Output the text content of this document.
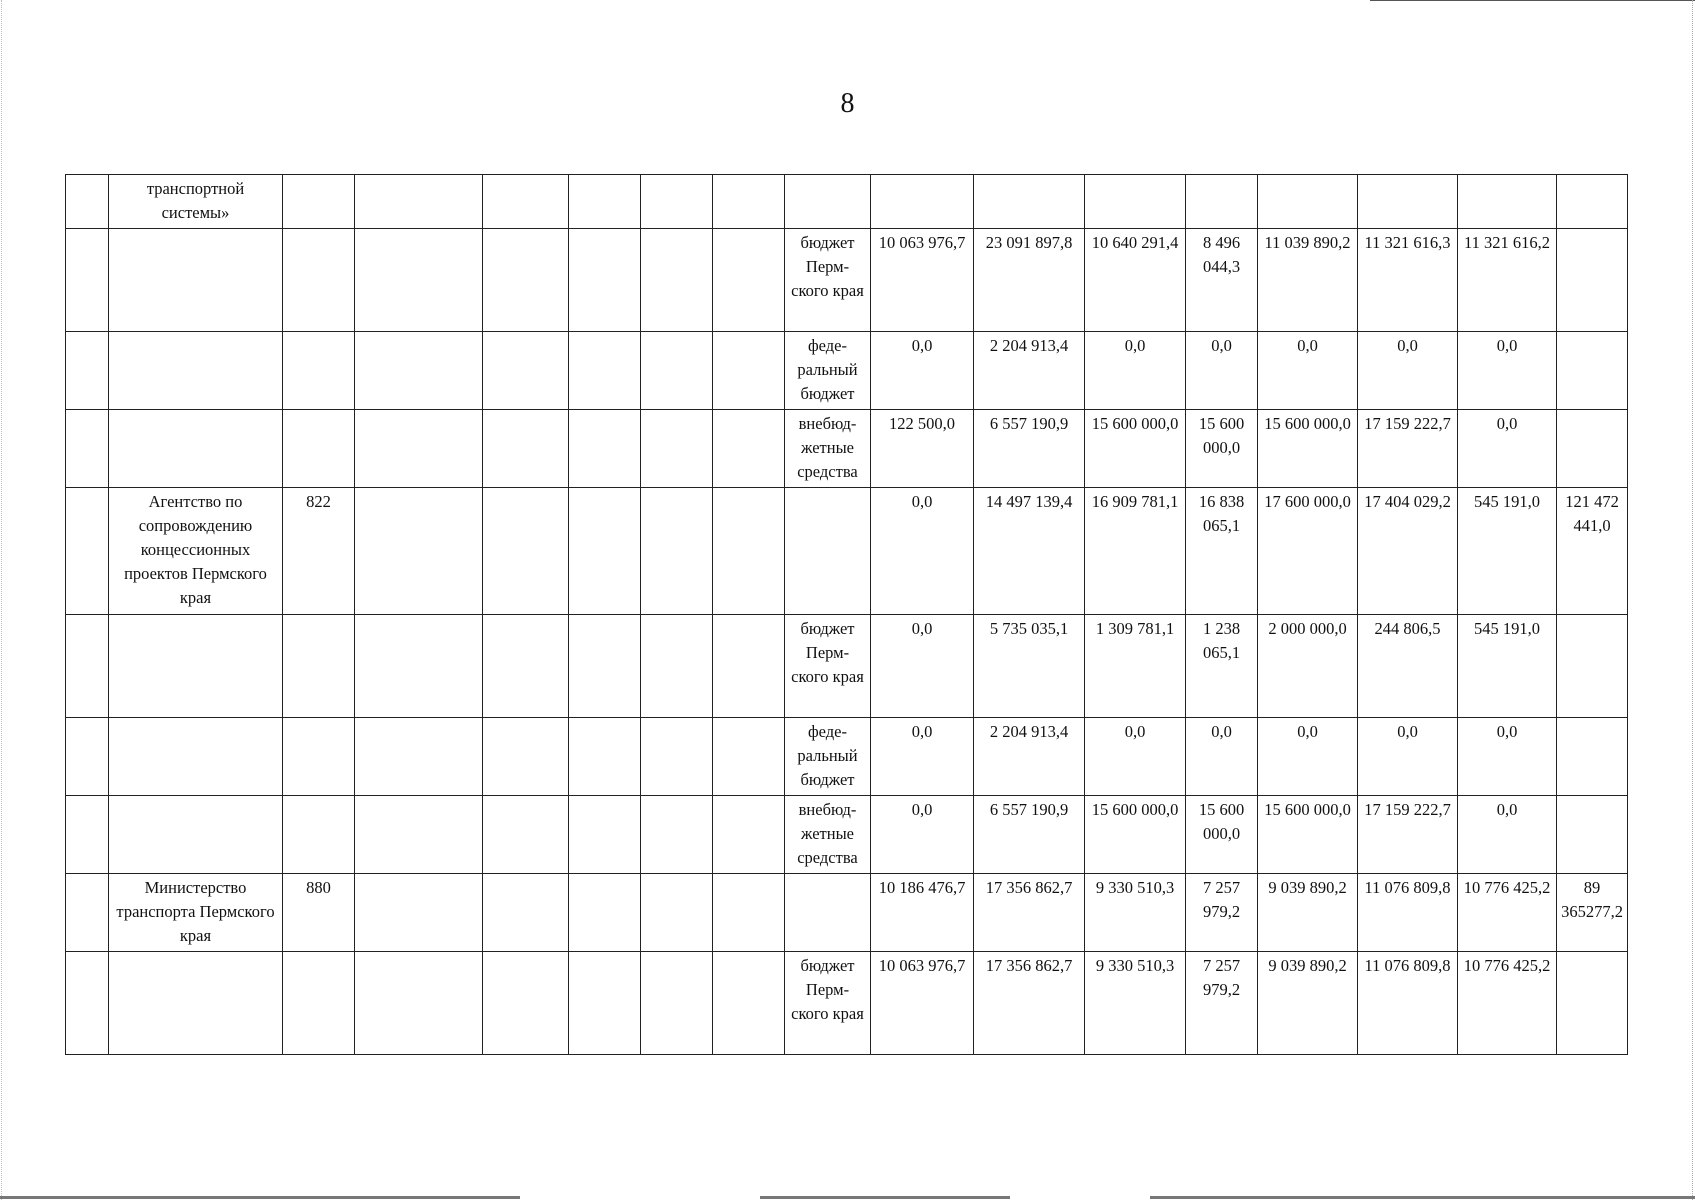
8
	транспортной системы»															
								бюджет Перм-ского края	10 063 976,7	23 091 897,8	10 640 291,4	8 496 044,3	11 039 890,2	11 321 616,3	11 321 616,2	
								феде-ральный бюджет	0,0	2 204 913,4	0,0	0,0	0,0	0,0	0,0	
								внебюд-жетные средства	122 500,0	6 557 190,9	15 600 000,0	15 600 000,0	15 600 000,0	17 159 222,7	0,0	
	Агентство по сопровождению концессионных проектов Пермского края	822							0,0	14 497 139,4	16 909 781,1	16 838 065,1	17 600 000,0	17 404 029,2	545 191,0	121 472 441,0
								бюджет Перм-ского края	0,0	5 735 035,1	1 309 781,1	1 238 065,1	2 000 000,0	244 806,5	545 191,0	
								феде-ральный бюджет	0,0	2 204 913,4	0,0	0,0	0,0	0,0	0,0	
								внебюд-жетные средства	0,0	6 557 190,9	15 600 000,0	15 600 000,0	15 600 000,0	17 159 222,7	0,0	
	Министерство транспорта Пермского края	880							10 186 476,7	17 356 862,7	9 330 510,3	7 257 979,2	9 039 890,2	11 076 809,8	10 776 425,2	89 365277,2
								бюджет Перм-ского края	10 063 976,7	17 356 862,7	9 330 510,3	7 257 979,2	9 039 890,2	11 076 809,8	10 776 425,2	
